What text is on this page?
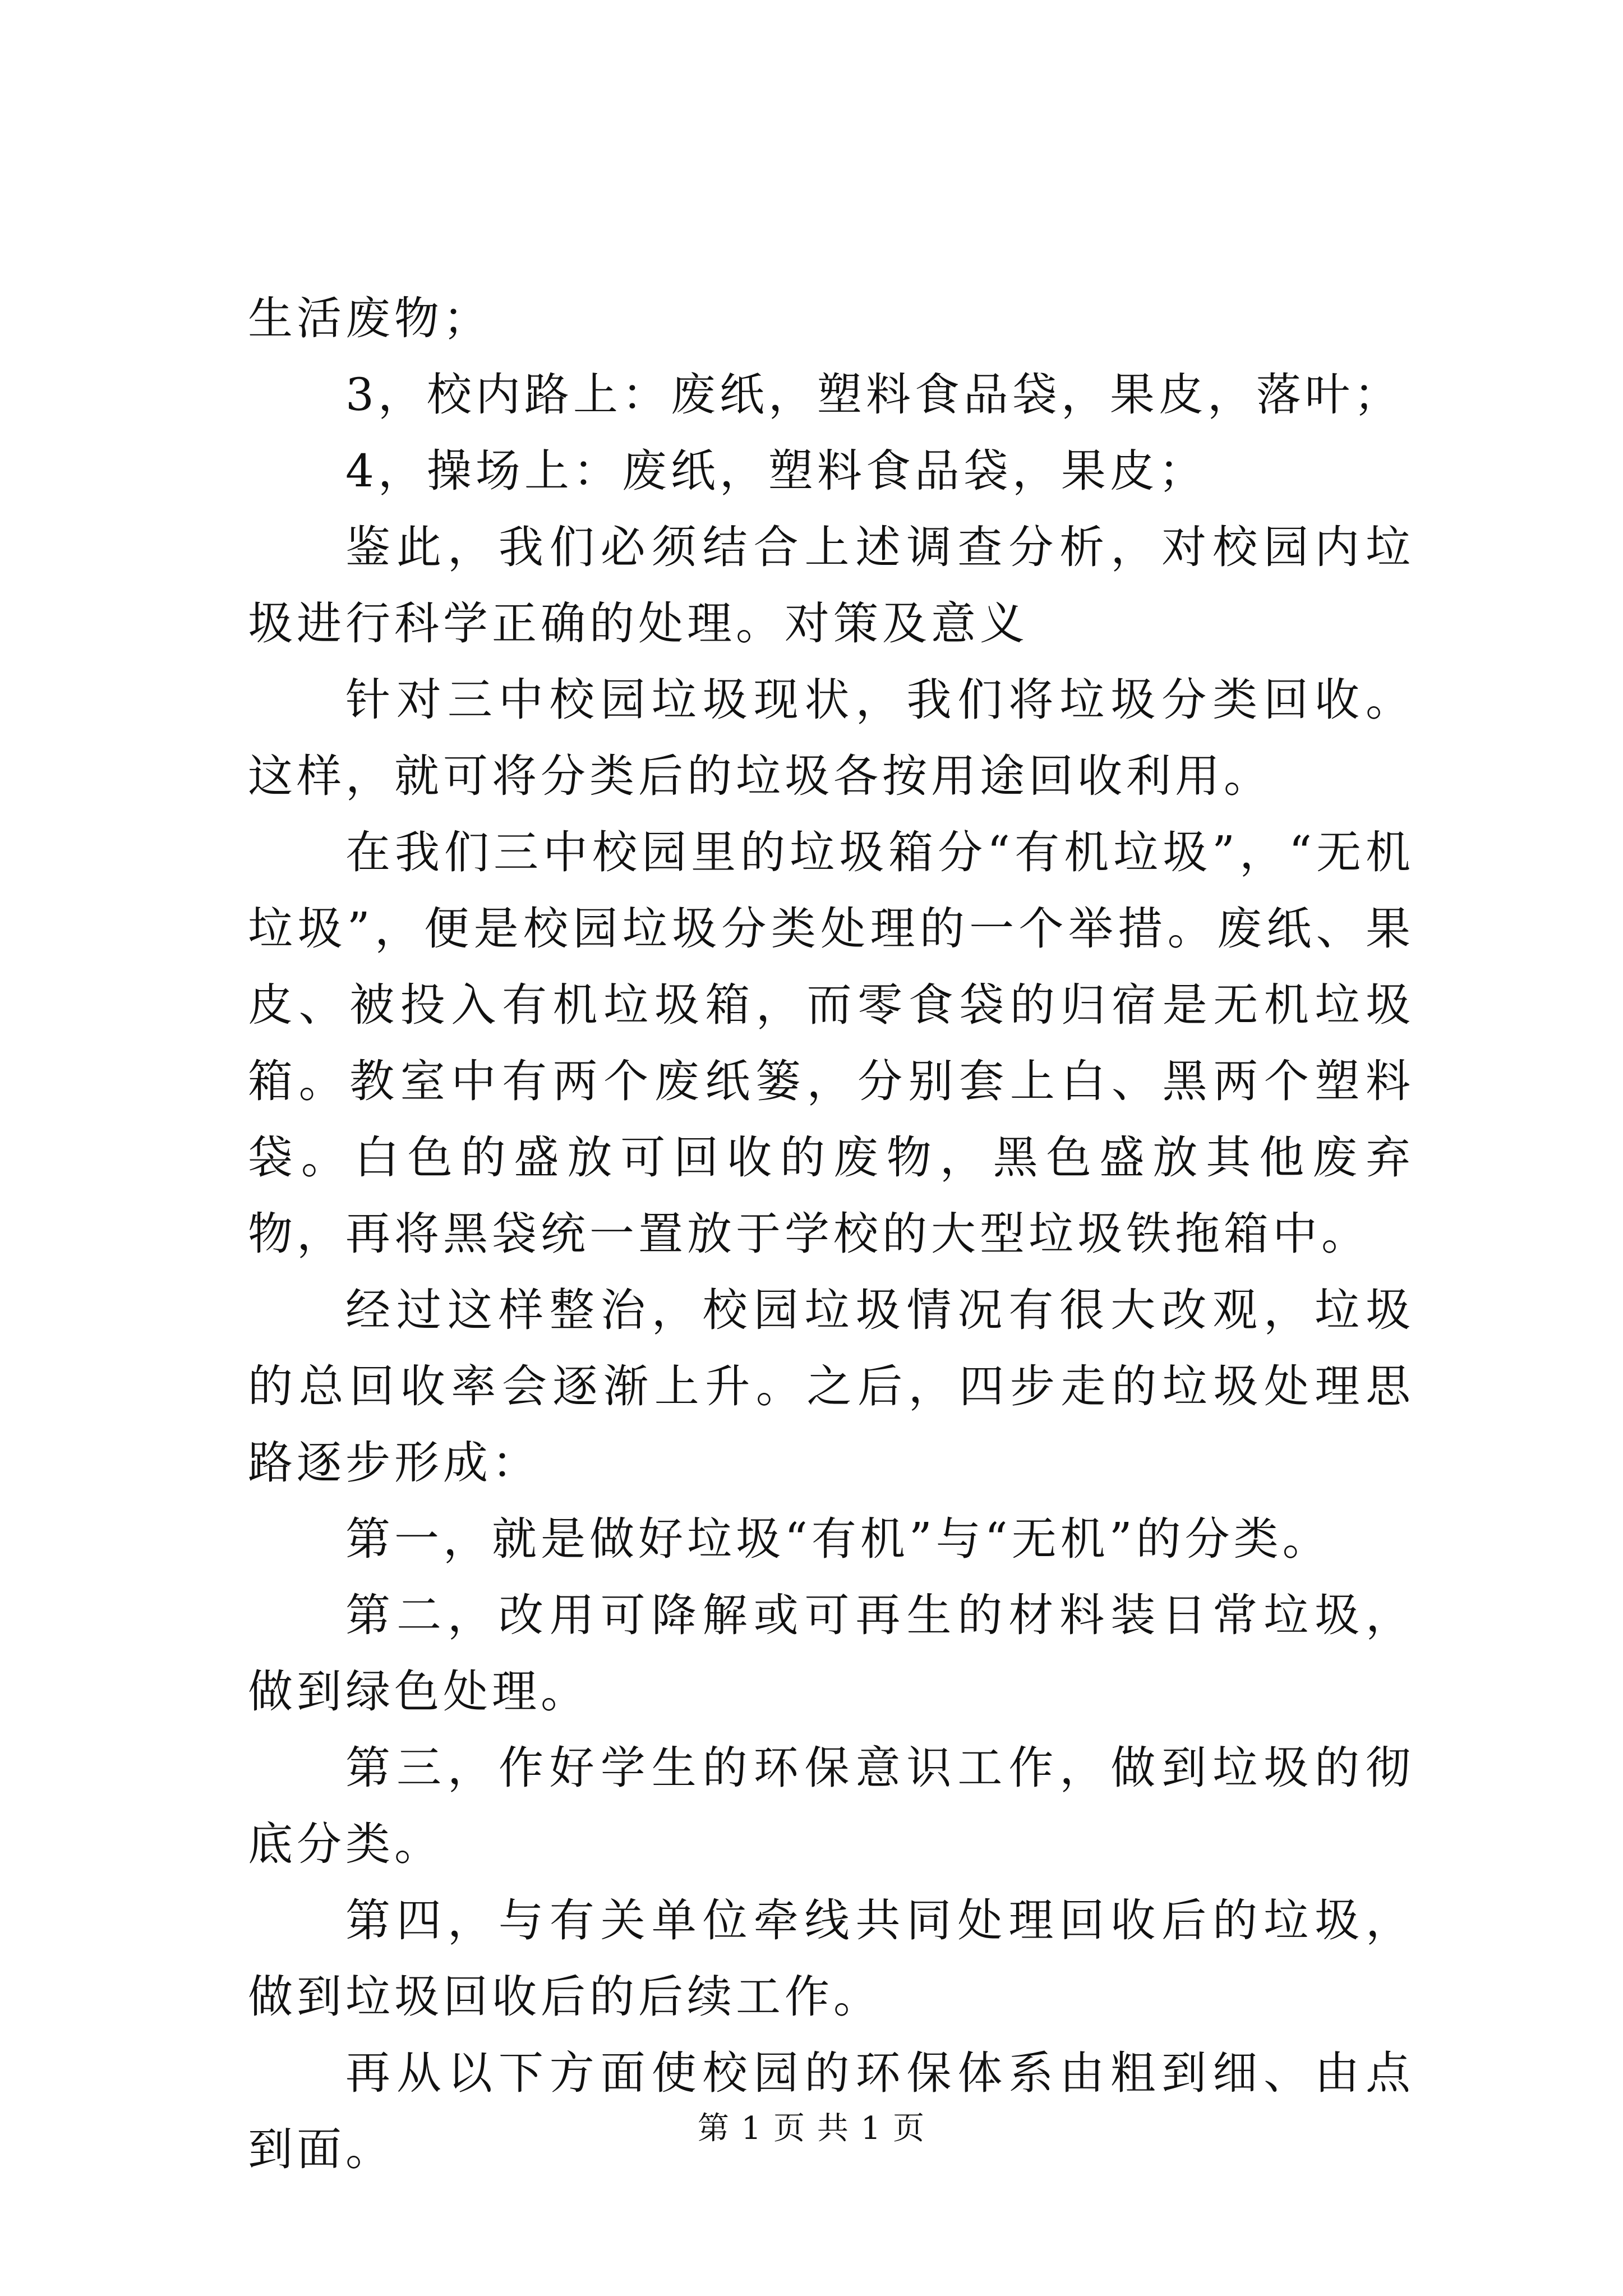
生活废物；

3，校内路上：废纸，塑料食品袋，果皮，落叶；

4，操场上：废纸，塑料食品袋，果皮；

鉴此，我们必须结合上述调查分析，对校园内垃圾进行科学正确的处理。对策及意义

针对三中校园垃圾现状，我们将垃圾分类回收。这样，就可将分类后的垃圾各按用途回收利用。

在我们三中校园里的垃圾箱分“有机垃圾”，“无机垃圾”，便是校园垃圾分类处理的一个举措。废纸、果皮、被投入有机垃圾箱，而零食袋的归宿是无机垃圾箱。教室中有两个废纸篓，分别套上白、黑两个塑料袋。白色的盛放可回收的废物，黑色盛放其他废弃物，再将黑袋统一置放于学校的大型垃圾铁拖箱中。

经过这样整治，校园垃圾情况有很大改观，垃圾的总回收率会逐渐上升。之后，四步走的垃圾处理思路逐步形成：

第一，就是做好垃圾“有机”与“无机”的分类。

第二，改用可降解或可再生的材料装日常垃圾，做到绿色处理。

第三，作好学生的环保意识工作，做到垃圾的彻底分类。

第四，与有关单位牵线共同处理回收后的垃圾，做到垃圾回收后的后续工作。

再从以下方面使校园的环保体系由粗到细、由点到面。	第 1 页 共 1 页
